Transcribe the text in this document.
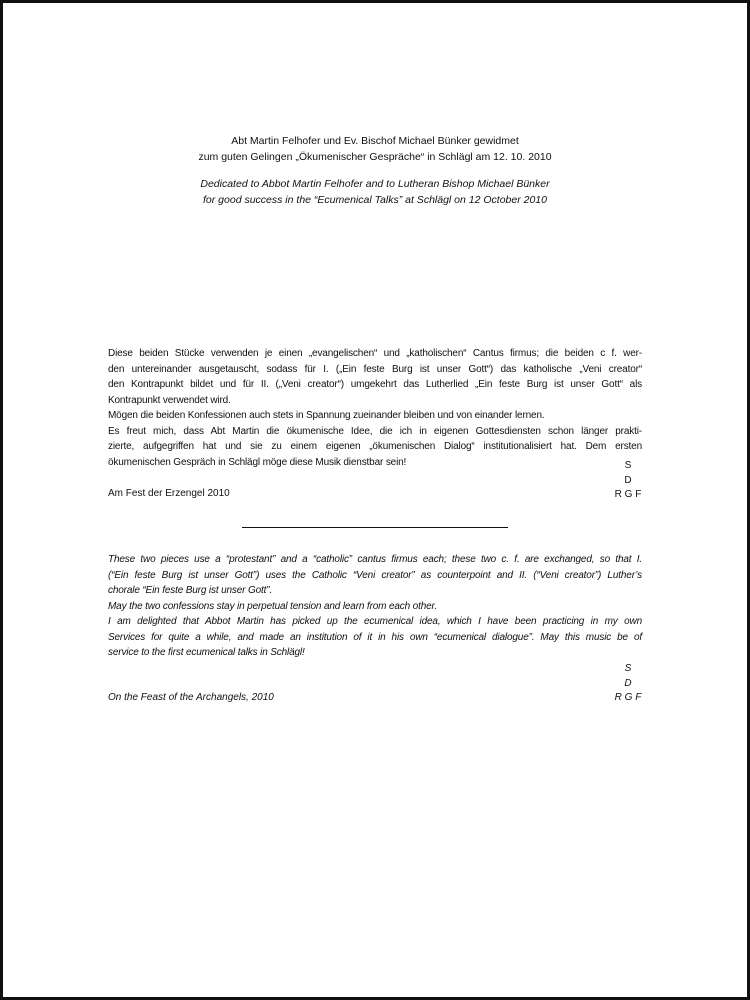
Abt Martin Felhofer und Ev. Bischof Michael Bünker gewidmet
zum guten Gelingen „Ökumenischer Gespräche“ in Schlägl am 12. 10. 2010
Dedicated to Abbot Martin Felhofer and to Lutheran Bishop Michael Bünker
for good success in the “Ecumenical Talks” at Schlägl on 12 October 2010
Diese beiden Stücke verwenden je einen „evangelischen“ und „katholischen“ Cantus firmus; die beiden c f. wer-
den untereinander ausgetauscht, sodass für I. („Ein feste Burg ist unser Gott“) das katholische „Veni creator“
den Kontrapunkt bildet und für II. („Veni creator“) umgekehrt das Lutherlied „Ein feste Burg ist unser Gott“ als
Kontrapunkt verwendet wird.
Mögen die beiden Konfessionen auch stets in Spannung zueinander bleiben und von einander lernen.
Es freut mich, dass Abt Martin die ökumenische Idee, die ich in eigenen Gottesdiensten schon länger prakti-
zierte, aufgegriffen hat und sie zu einem eigenen „ökumenischen Dialog“ institutionalisiert hat. Dem ersten
ökumenischen Gespräch in Schlägl möge diese Musik dienstbar sein!	S
D
R G F
Am Fest der Erzengel 2010
These two pieces use a “protestant” and a “catholic” cantus firmus each; these two c. f. are exchanged, so that I.
(“Ein feste Burg ist unser Gott”) uses the Catholic “Veni creator” as counterpoint and II. (“Veni creator”) Luther’s
chorale “Ein feste Burg ist unser Gott”.
May the two confessions stay in perpetual tension and learn from each other.
I am delighted that Abbot Martin has picked up the ecumenical idea, which I have been practicing in my own
Services for quite a while, and made an institution of it in his own “ecumenical dialogue”. May this music be of
service to the first ecumenical talks in Schlägl!
S
D
R G F
On the Feast of the Archangels, 2010
